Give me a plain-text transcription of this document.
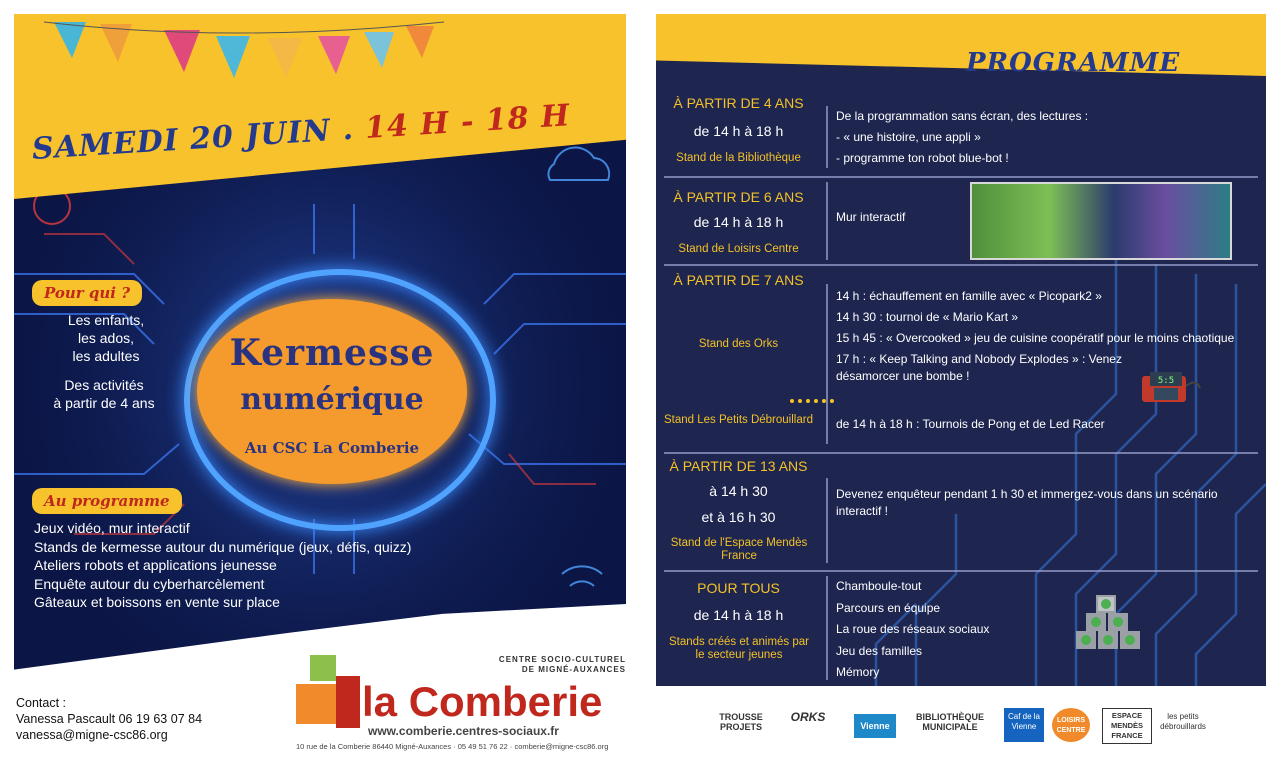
SAMEDI 20 JUIN . 14 H - 18 H
Kermesse
numérique
Au CSC La Comberie
Pour qui ?
Les enfants,
les ados,
les adultes
Des activités
à partir de 4 ans
Au programme
Jeux vidéo, mur interactif
Stands de kermesse autour du numérique (jeux, défis, quizz)
Ateliers robots et applications jeunesse
Enquête autour du cyberharcèlement
Gâteaux et boissons en vente sur place
Contact :
Vanessa Pascault 06 19 63 07 84
vanessa@migne-csc86.org
CENTRE SOCIO-CULTUREL
DE MIGNÉ-AUXANCES
la Comberie
www.comberie.centres-sociaux.fr
10 rue de la Comberie 86440 Migné-Auxances · 05 49 51 76 22 · comberie@migne-csc86.org
PROGRAMME
À PARTIR DE 4 ANS
de 14 h à 18 h
Stand de la Bibliothèque
De la programmation sans écran, des lectures :
- « une histoire, une appli »
- programme ton robot blue-bot !
À PARTIR DE 6 ANS
de 14 h à 18 h
Stand de Loisirs Centre
Mur interactif
À PARTIR DE 7 ANS
Stand des Orks
Stand Les Petits Débrouillard
14 h : échauffement en famille avec « Picopark2 »
14 h 30 : tournoi de « Mario Kart »
15 h 45 : « Overcooked » jeu de cuisine coopératif pour le moins chaotique
17 h : « Keep Talking and Nobody Explodes » : Venez désamorcer une bombe !
de 14 h à 18 h : Tournois de Pong et de Led Racer
5:5
À PARTIR DE 13 ANS
à 14 h 30
et à 16 h 30
Stand de l'Espace Mendès France
Devenez enquêteur pendant 1 h 30 et immergez-vous dans un scénario interactif !
POUR TOUS
de 14 h à 18 h
Stands créés et animés par le secteur jeunes
Chamboule-tout
Parcours en équipe
La roue des réseaux sociaux
Jeu des familles
Mémory
TROUSSE PROJETS
ORKS
Vienne
BIBLIOTHÈQUE MUNICIPALE
Caf de la Vienne
LOISIRS CENTRE
ESPACE MENDÈS FRANCE
les petits débrouillards
